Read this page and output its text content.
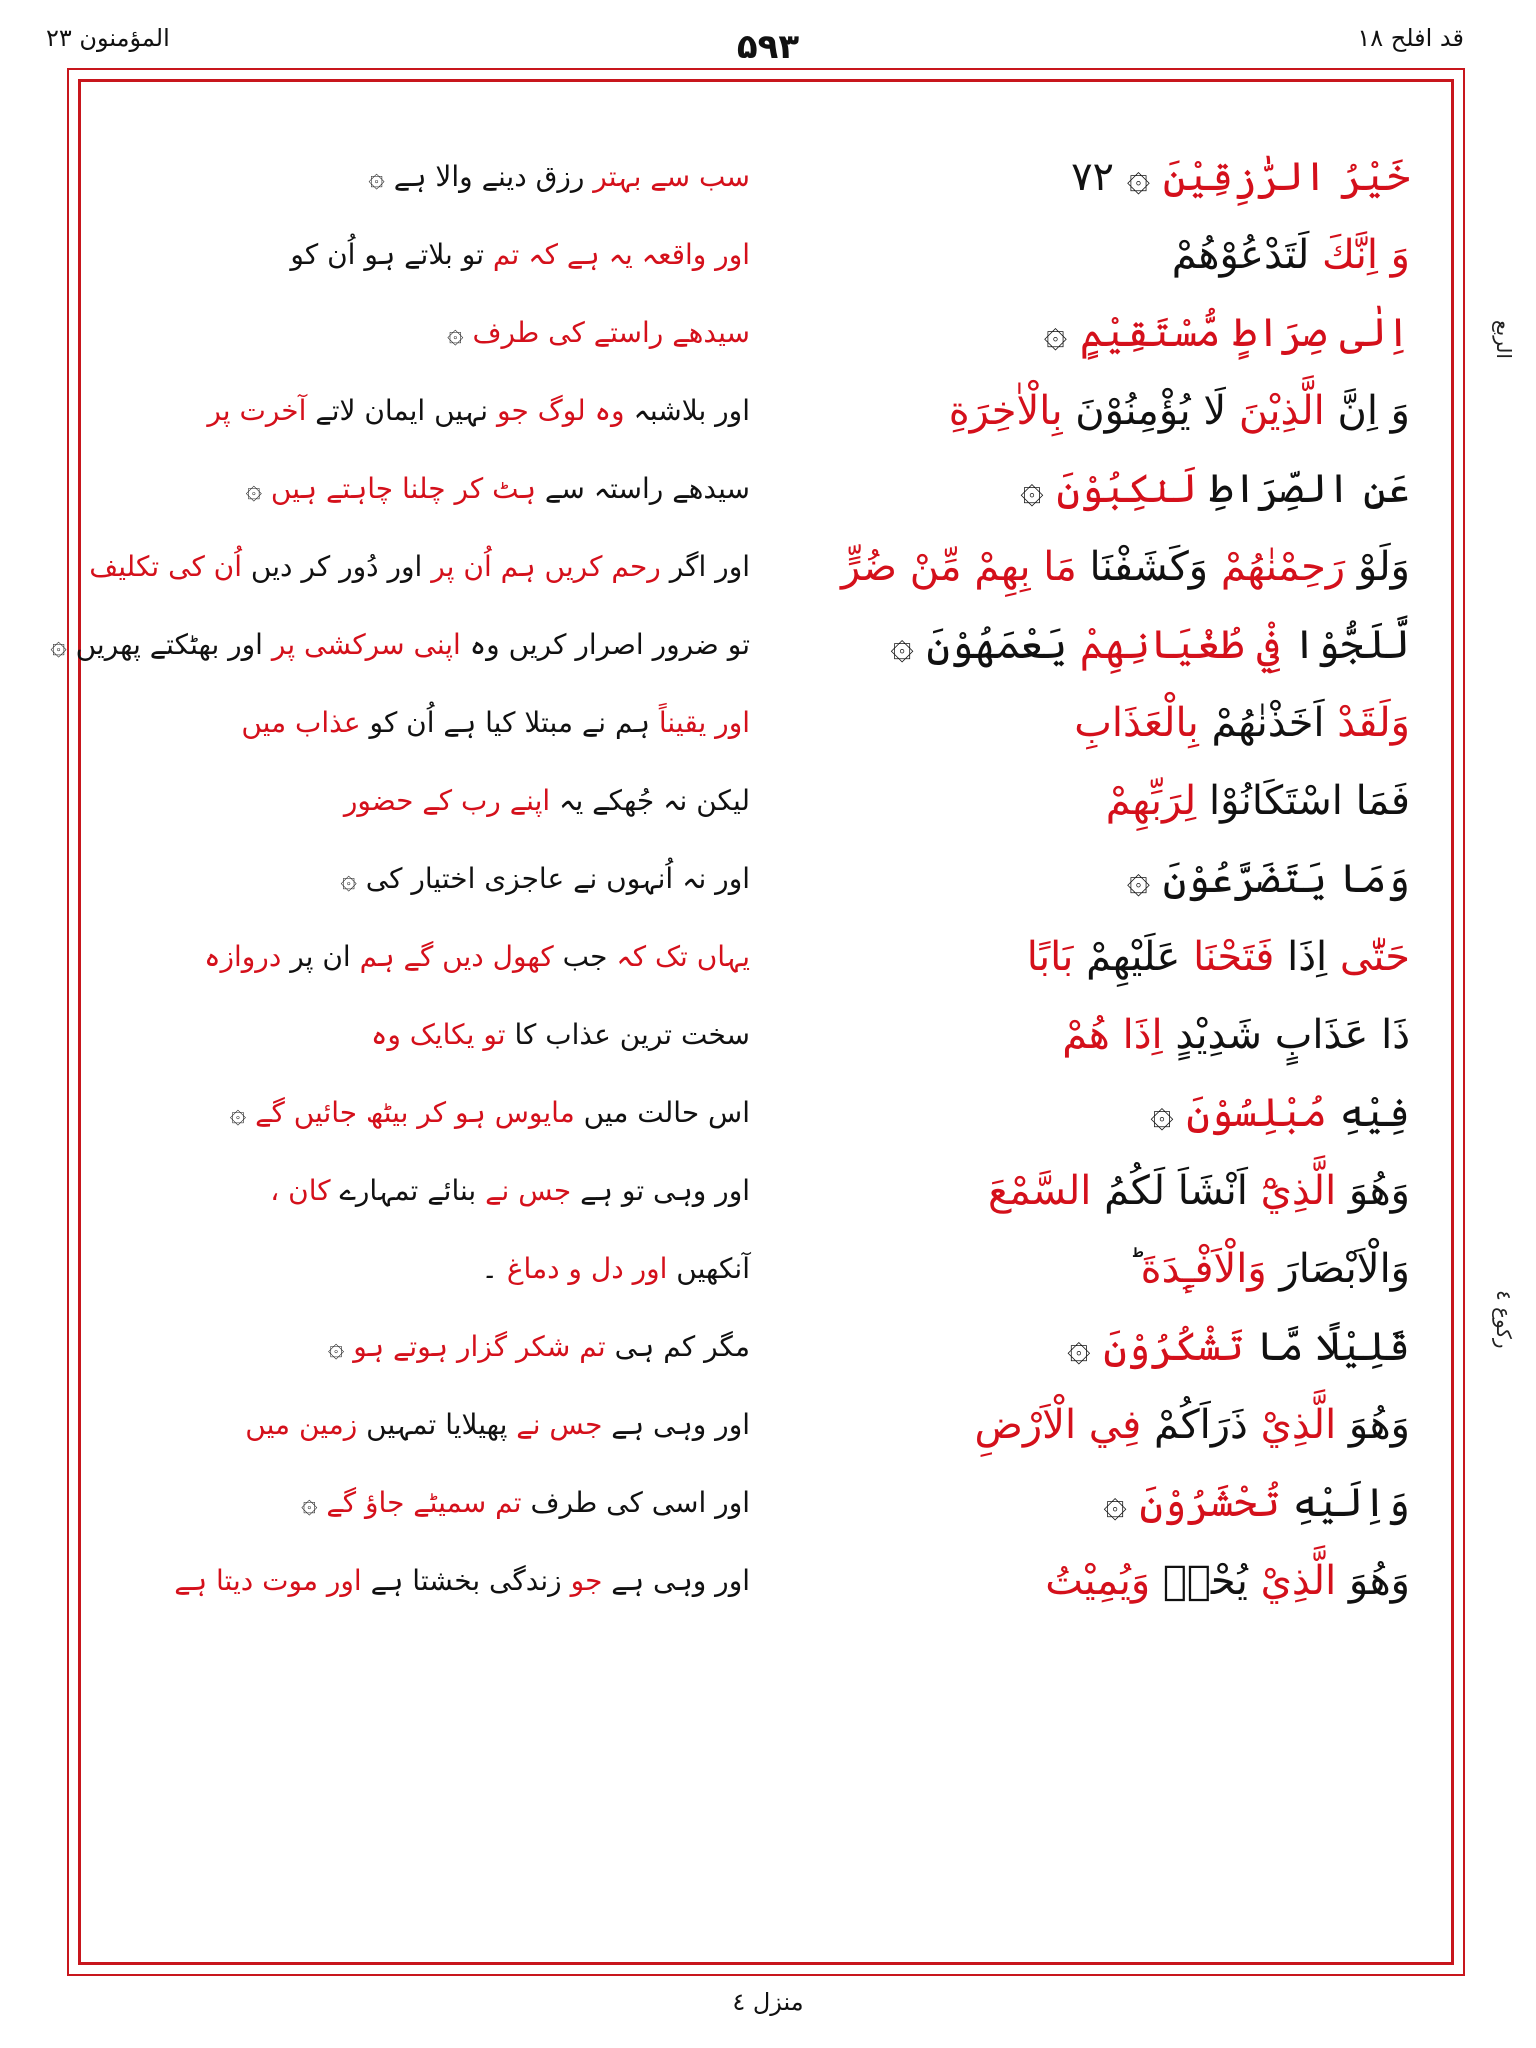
المؤمنون ۲۳	۵۹۳	قد افلح ۱۸
الربع
ركوع ٤
خَيْرُ الرّٰزِقِيْنَ ۞ ٧٢
سب سے بہتر رزق دینے والا ہے ۞
وَ اِنَّكَ لَتَدْعُوْهُمْ
اور واقعہ یہ ہے کہ تم تو بلاتے ہو اُن کو
اِلٰى صِرَاطٍ مُّسْتَقِيْمٍ ۞
سیدھے راستے کی طرف ۞
وَ اِنَّ الَّذِيْنَ لَا يُؤْمِنُوْنَ بِالْاٰخِرَةِ
اور بلاشبہ وہ لوگ جو نہیں ایمان لاتے آخرت پر
عَنِ الصِّرَاطِ لَنٰكِبُوْنَ ۞
سیدھے راستہ سے ہٹ کر چلنا چاہتے ہیں ۞
وَلَوْ رَحِمْنٰهُمْ وَكَشَفْنَا مَا بِهِمْ مِّنْ ضُرٍّ
اور اگر رحم کریں ہم اُن پر اور دُور کر دیں اُن کی تکلیف
لَّلَجُّوْا فِيْ طُغْيَانِهِمْ يَعْمَهُوْنَ ۞
تو ضرور اصرار کریں وہ اپنی سرکشی پر اور بھٹکتے پھریں ۞
وَلَقَدْ اَخَذْنٰهُمْ بِالْعَذَابِ
اور یقیناً ہم نے مبتلا کیا ہے اُن کو عذاب میں
فَمَا اسْتَكَانُوْا لِرَبِّهِمْ
لیکن نہ جُھکے یہ اپنے رب کے حضور
وَمَا يَتَضَرَّعُوْنَ ۞
اور نہ اُنہوں نے عاجزی اختیار کی ۞
حَتّٰى اِذَا فَتَحْنَا عَلَيْهِمْ بَابًا
یہاں تک کہ جب کھول دیں گے ہم ان پر دروازہ
ذَا عَذَابٍ شَدِيْدٍ اِذَا هُمْ
سخت ترین عذاب کا تو یکایک وہ
فِيْهِ مُبْلِسُوْنَ ۞
اس حالت میں مایوس ہو کر بیٹھ جائیں گے ۞
وَهُوَ الَّذِيْٓ اَنْشَاَ لَكُمُ السَّمْعَ
اور وہی تو ہے جس نے بنائے تمہارے کان ،
وَالْاَبْصَارَ وَالْاَفْـِٕدَةَ ؕ
آنکھیں اور دل و دماغ ۔
قَلِيْلًا مَّا تَشْكُرُوْنَ ۞
مگر کم ہی تم شکر گزار ہوتے ہو ۞
وَهُوَ الَّذِيْ ذَرَاَكُمْ فِي الْاَرْضِ
اور وہی ہے جس نے پھیلایا تمہیں زمین میں
وَاِلَيْهِ تُحْشَرُوْنَ ۞
اور اسی کی طرف تم سمیٹے جاؤ گے ۞
وَهُوَ الَّذِيْ يُحْيٖ وَيُمِيْتُ
اور وہی ہے جو زندگی بخشتا ہے اور موت دیتا ہے
منزل ٤
